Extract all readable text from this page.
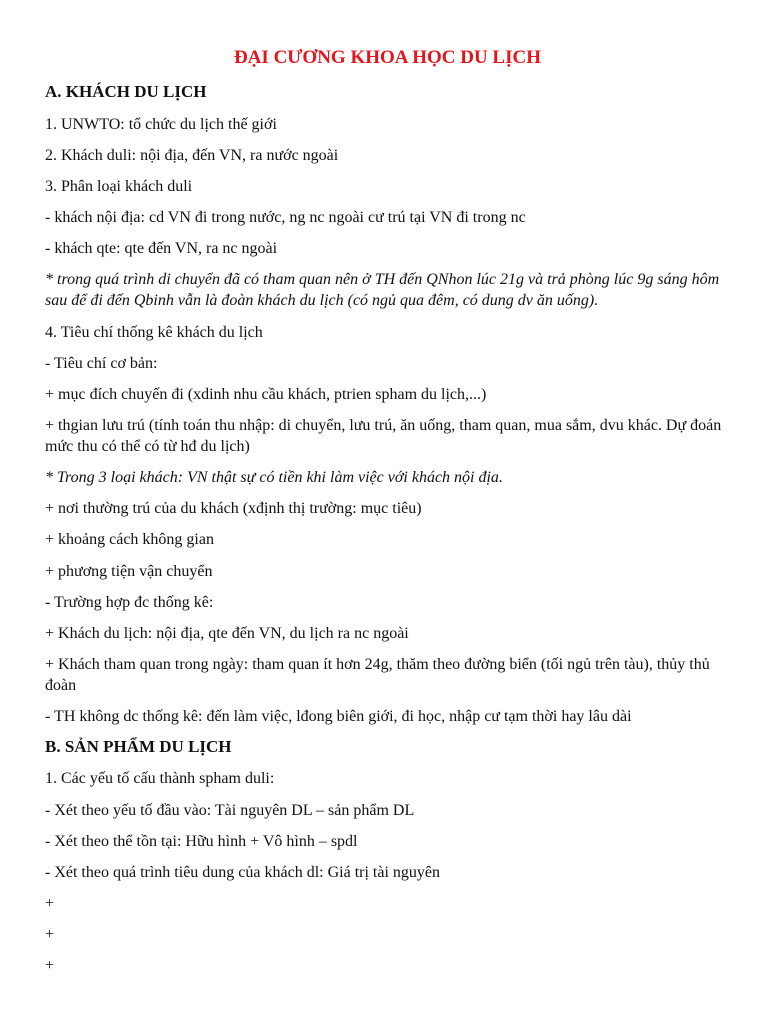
ĐẠI CƯƠNG KHOA HỌC DU LỊCH
A. KHÁCH DU LỊCH
1. UNWTO: tổ chức du lịch thế giới
2. Khách duli: nội địa, đến VN, ra nước ngoài
3. Phân loại khách duli
- khách nội địa: cd VN đi trong nước, ng nc ngoài cư trú tại VN đi trong nc
- khách qte: qte đến VN, ra nc ngoài
* trong quá trình di chuyển đã có tham quan nên ở TH đến QNhon lúc 21g và trả phòng lúc 9g sáng hôm sau để đi đến Qbinh vẫn là đoàn khách du lịch (có ngủ qua đêm, có dung dv ăn uống).
4. Tiêu chí thống kê khách du lịch
- Tiêu chí cơ bản:
+ mục đích chuyến đi (xdinh nhu cầu khách, ptrien spham du lịch,...)
+ thgian lưu trú (tính toán thu nhập: di chuyển, lưu trú, ăn uống, tham quan, mua sắm, dvu khác. Dự đoán mức thu có thể có từ hđ du lịch)
* Trong 3 loại khách: VN thật sự có tiền khi làm việc với khách nội địa.
+ nơi thường trú của du khách (xđịnh thị trường: mục tiêu)
+ khoảng cách không gian
+ phương tiện vận chuyển
- Trường hợp đc thống kê:
+ Khách du lịch: nội địa, qte đến VN, du lịch ra nc ngoài
+ Khách tham quan trong ngày: tham quan ít hơn 24g, thăm theo đường biển (tối ngủ trên tàu), thủy thủ đoàn
- TH không dc thống kê: đến làm việc, lđong biên giới, đi học, nhập cư tạm thời hay lâu dài
B. SẢN PHẨM DU LỊCH
1. Các yếu tố cấu thành spham duli:
- Xét theo yếu tố đầu vào: Tài nguyên DL – sản phẩm DL
- Xét theo thể tồn tại: Hữu hình + Vô hình – spdl
- Xét theo quá trình tiêu dung của khách dl: Giá trị tài nguyên
+
+
+
